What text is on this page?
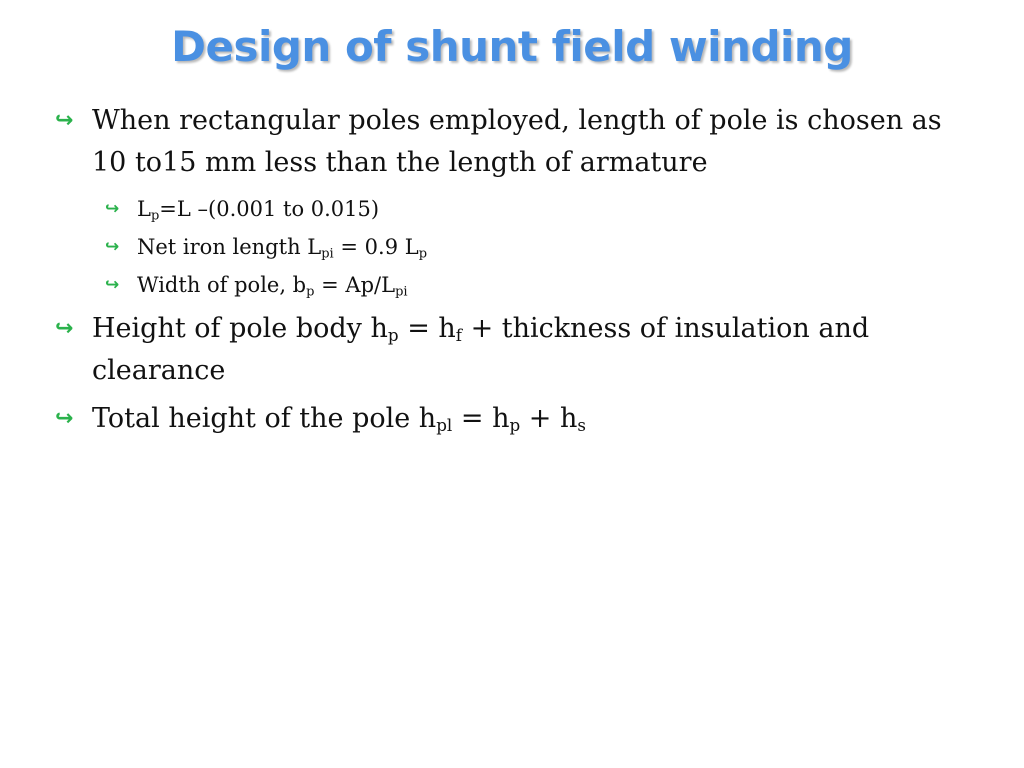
Design of shunt field winding
↪ When rectangular poles employed, length of pole is chosen as 10 to15 mm less than the length of armature
↪ $L_p=L$ –(0.001 to 0.015)
↪ Net iron length $L_{pi} = 0.9$ $L_p$
↪ Width of pole, $b_p = Ap/L_{pi}$
↪ Height of pole body $h_p = h_f$ + thickness of insulation and clearance
↪ Total height of the pole $h_{pl} = h_p + h_s$
